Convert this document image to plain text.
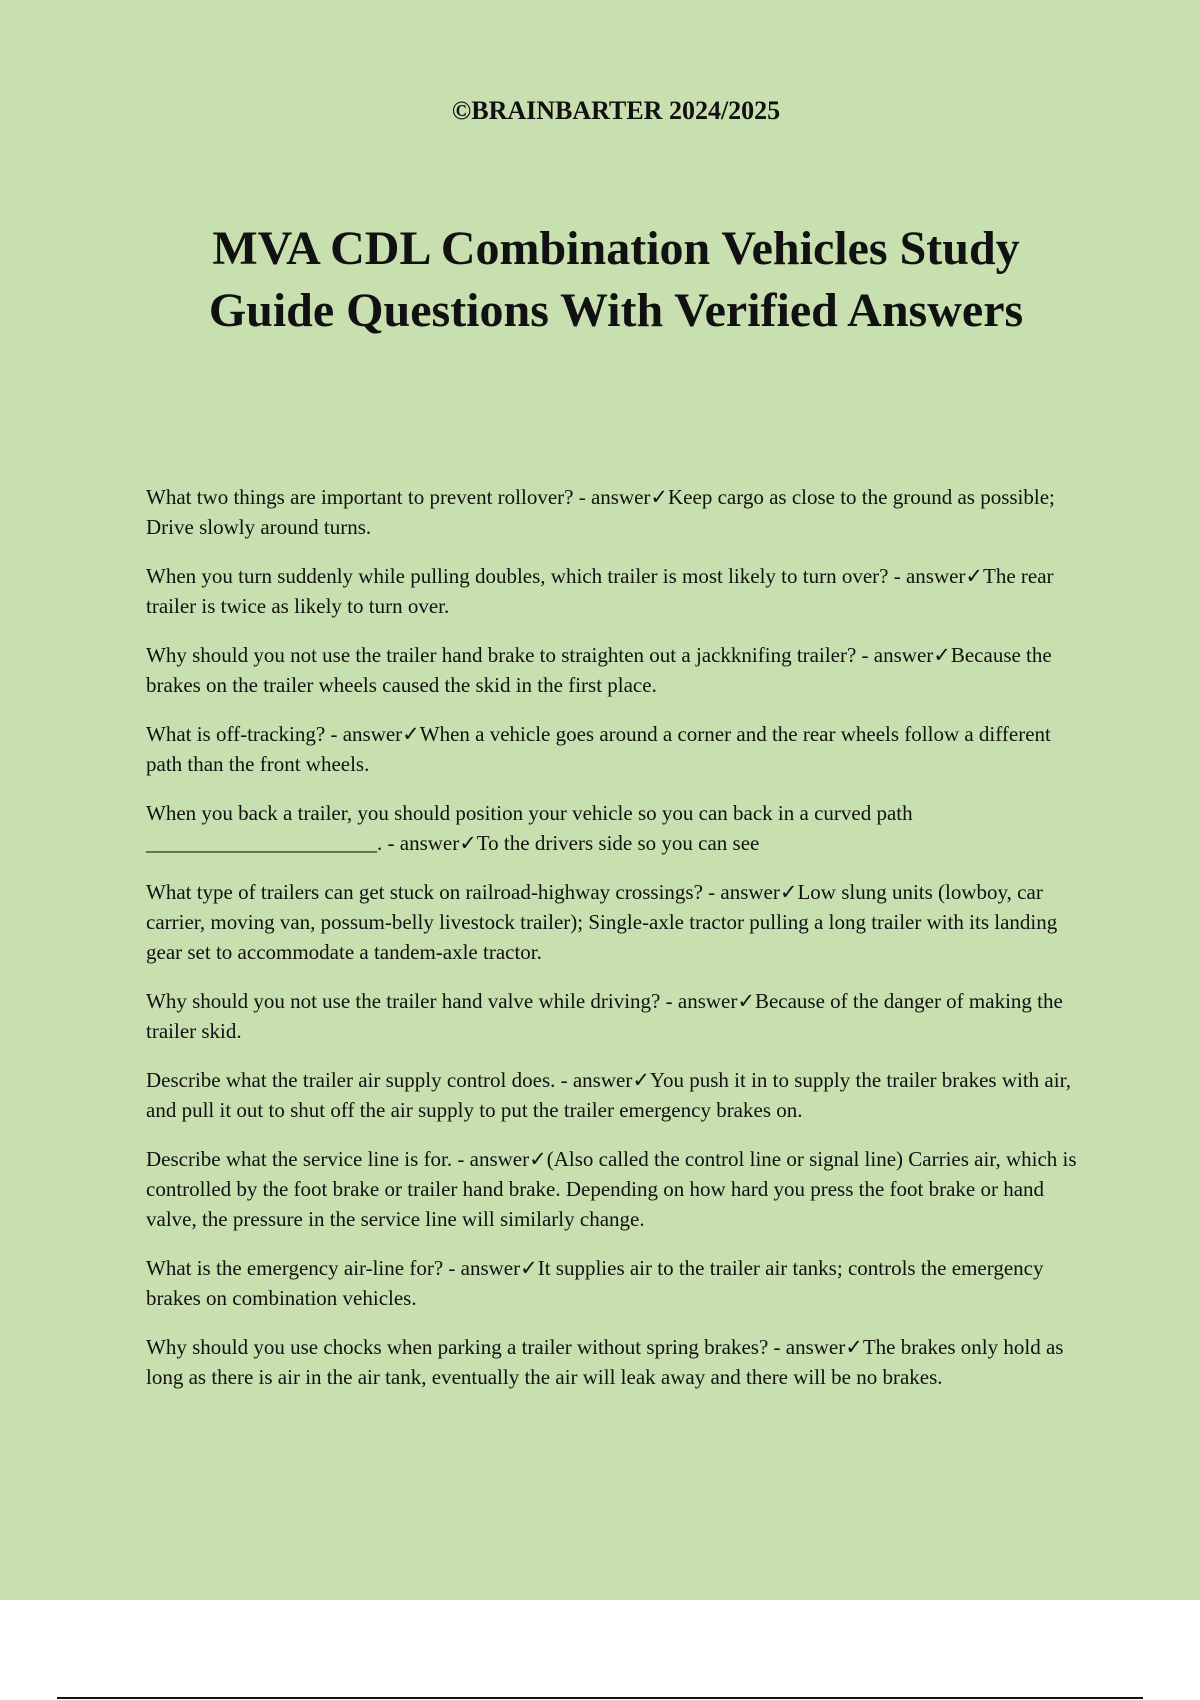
©BRAINBARTER 2024/2025
MVA CDL Combination Vehicles Study
Guide Questions With Verified Answers

What two things are important to prevent rollover? - answer✓Keep cargo as close to the ground as possible; Drive slowly around turns.

When you turn suddenly while pulling doubles, which trailer is most likely to turn over? - answer✓The rear trailer is twice as likely to turn over.

Why should you not use the trailer hand brake to straighten out a jackknifing trailer? - answer✓Because the brakes on the trailer wheels caused the skid in the first place.

What is off-tracking? - answer✓When a vehicle goes around a corner and the rear wheels follow a different path than the front wheels.

When you back a trailer, you should position your vehicle so you can back in a curved path ______________________. - answer✓To the drivers side so you can see

What type of trailers can get stuck on railroad-highway crossings? - answer✓Low slung units (lowboy, car carrier, moving van, possum-belly livestock trailer); Single-axle tractor pulling a long trailer with its landing gear set to accommodate a tandem-axle tractor.

Why should you not use the trailer hand valve while driving? - answer✓Because of the danger of making the trailer skid.

Describe what the trailer air supply control does. - answer✓You push it in to supply the trailer brakes with air, and pull it out to shut off the air supply to put the trailer emergency brakes on.

Describe what the service line is for. - answer✓(Also called the control line or signal line) Carries air, which is controlled by the foot brake or trailer hand brake. Depending on how hard you press the foot brake or hand valve, the pressure in the service line will similarly change.

What is the emergency air-line for? - answer✓It supplies air to the trailer air tanks; controls the emergency brakes on combination vehicles.

Why should you use chocks when parking a trailer without spring brakes? - answer✓The brakes only hold as long as there is air in the air tank, eventually the air will leak away and there will be no brakes.
